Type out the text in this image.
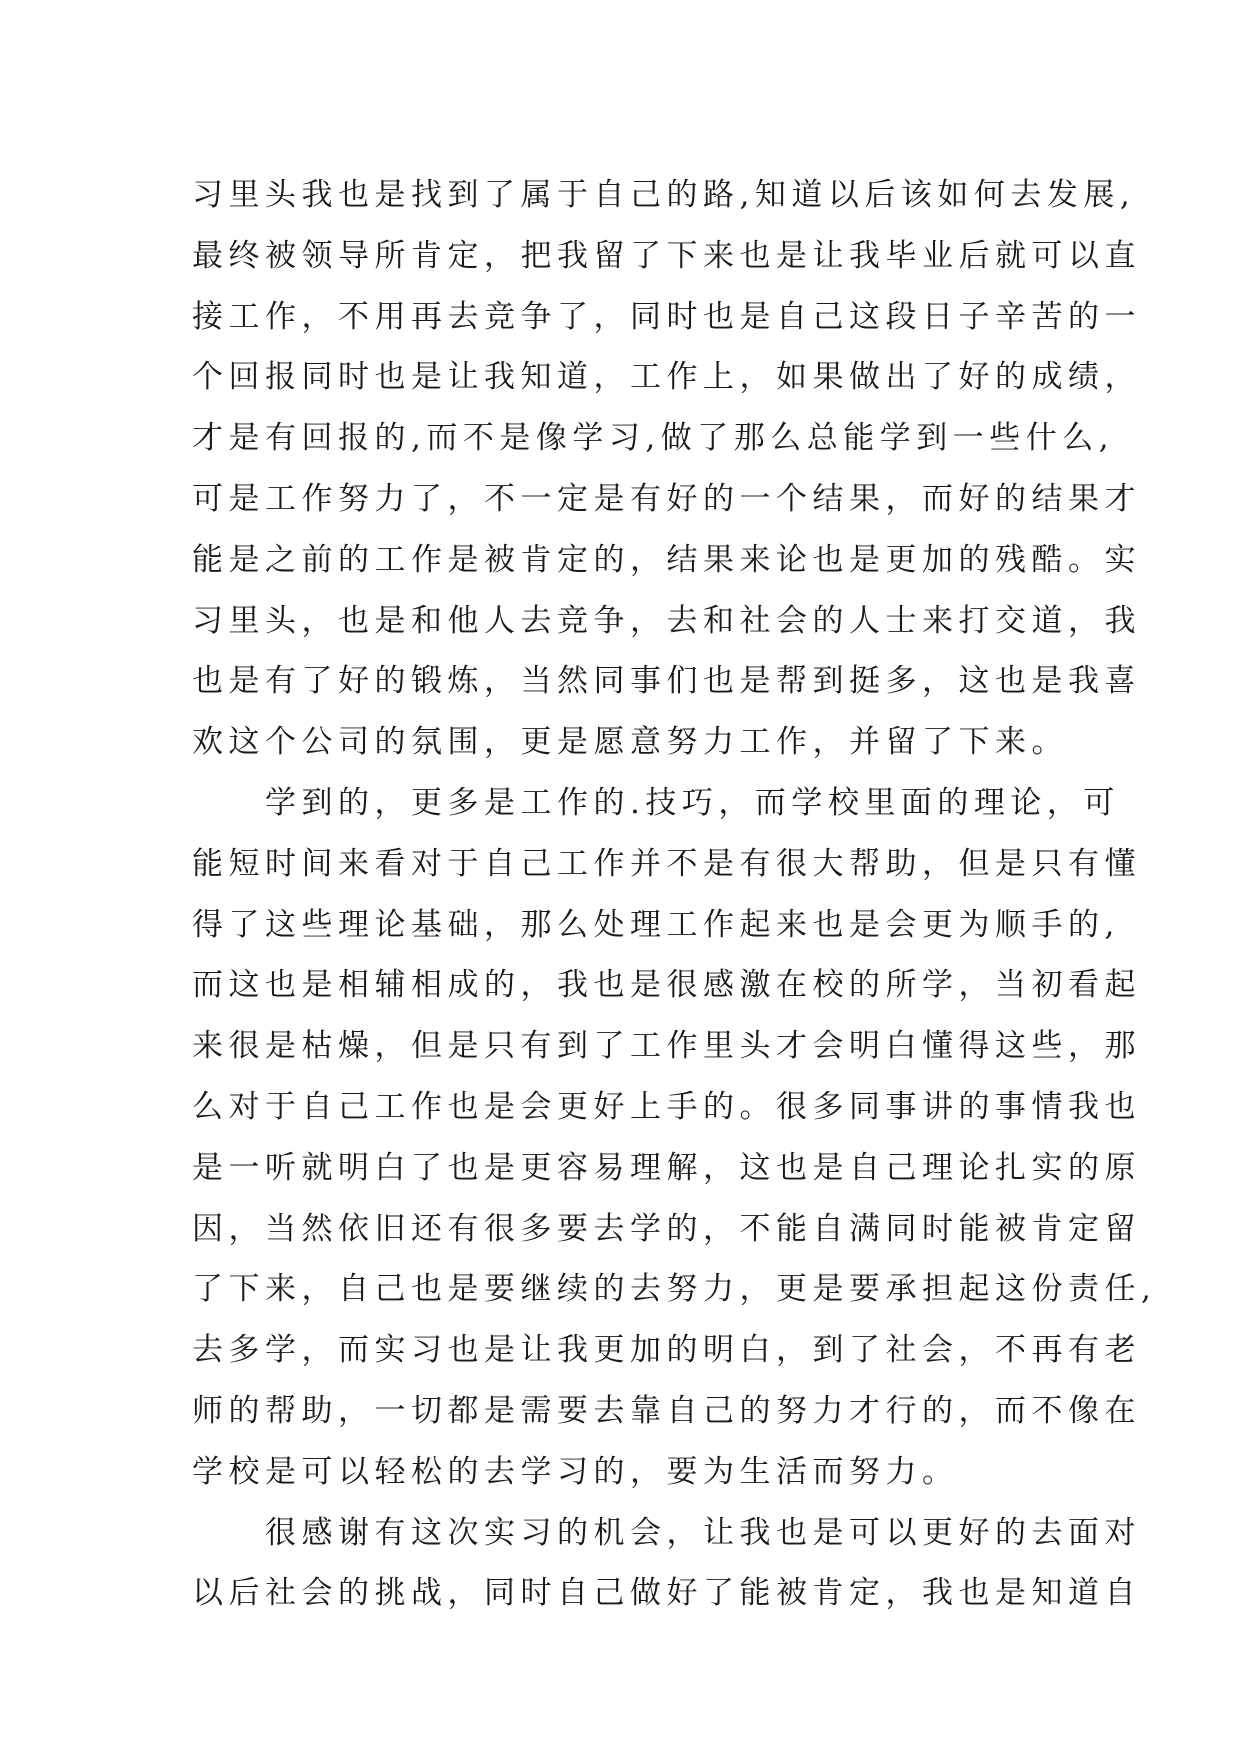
习里头我也是找到了属于自己的路,知道以后该如何去发展,
最终被领导所肯定，把我留了下来也是让我毕业后就可以直
接工作，不用再去竞争了，同时也是自己这段日子辛苦的一
个回报同时也是让我知道，工作上，如果做出了好的成绩，
才是有回报的,而不是像学习,做了那么总能学到一些什么,
可是工作努力了，不一定是有好的一个结果，而好的结果才
能是之前的工作是被肯定的，结果来论也是更加的残酷。实
习里头，也是和他人去竞争，去和社会的人士来打交道，我
也是有了好的锻炼，当然同事们也是帮到挺多，这也是我喜
欢这个公司的氛围，更是愿意努力工作，并留了下来。
　　学到的，更多是工作的.技巧，而学校里面的理论，可
能短时间来看对于自己工作并不是有很大帮助，但是只有懂
得了这些理论基础，那么处理工作起来也是会更为顺手的,
而这也是相辅相成的，我也是很感激在校的所学，当初看起
来很是枯燥，但是只有到了工作里头才会明白懂得这些，那
么对于自己工作也是会更好上手的。很多同事讲的事情我也
是一听就明白了也是更容易理解，这也是自己理论扎实的原
因，当然依旧还有很多要去学的，不能自满同时能被肯定留
了下来，自己也是要继续的去努力，更是要承担起这份责任,
去多学，而实习也是让我更加的明白，到了社会，不再有老
师的帮助，一切都是需要去靠自己的努力才行的，而不像在
学校是可以轻松的去学习的，要为生活而努力。
　　很感谢有这次实习的机会，让我也是可以更好的去面对
以后社会的挑战，同时自己做好了能被肯定，我也是知道自
